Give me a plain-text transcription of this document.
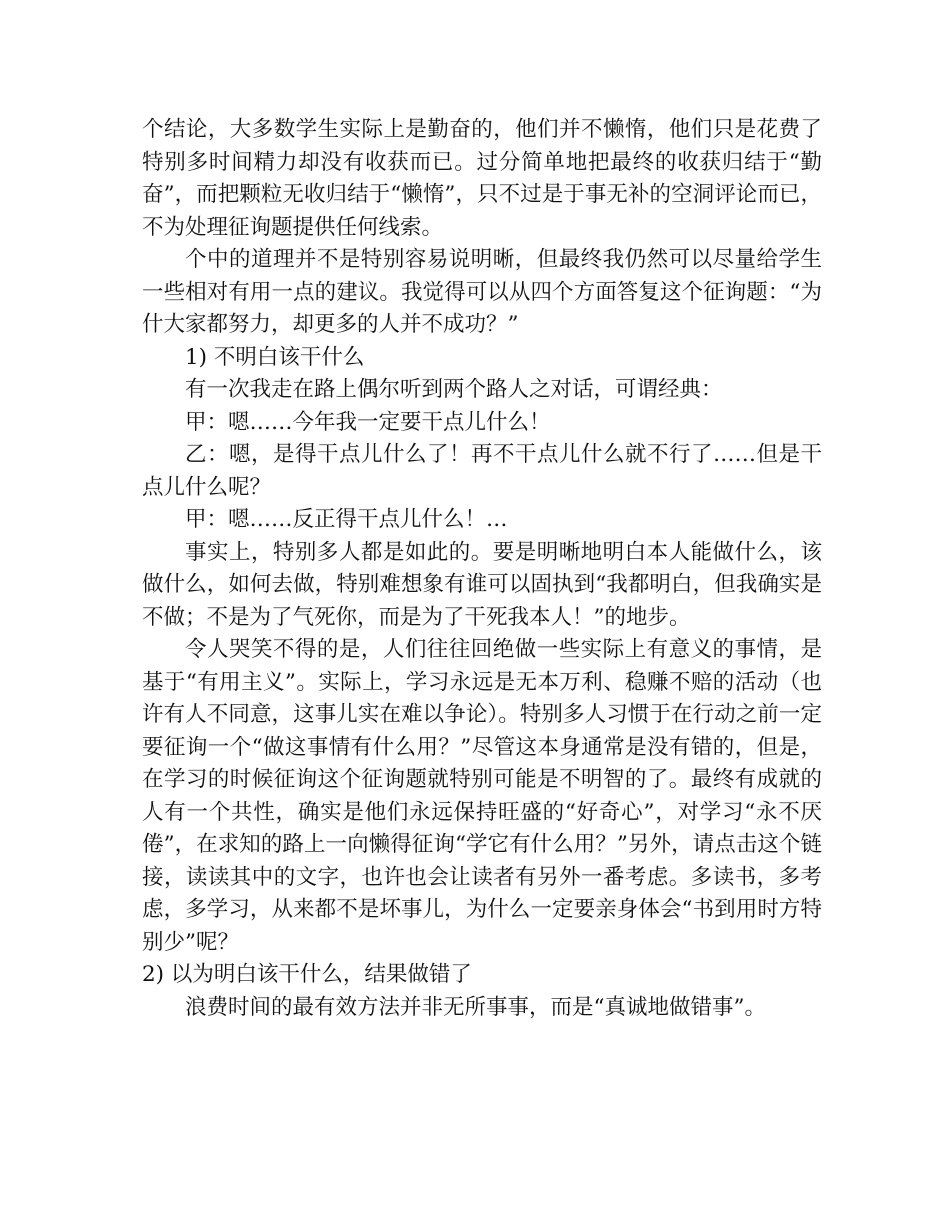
个结论，大多数学生实际上是勤奋的，他们并不懒惰，他们只是花费了特别多时间精力却没有收获而已。过分简单地把最终的收获归结于“勤奋”，而把颗粒无收归结于“懒惰”，只不过是于事无补的空洞评论而已，不为处理征询题提供任何线索。

个中的道理并不是特别容易说明晰，但最终我仍然可以尽量给学生一些相对有用一点的建议。我觉得可以从四个方面答复这个征询题：“为什大家都努力，却更多的人并不成功？”

1) 不明白该干什么

有一次我走在路上偶尔听到两个路人之对话，可谓经典：

甲：嗯……今年我一定要干点儿什么！

乙：嗯，是得干点儿什么了！再不干点儿什么就不行了……但是干点儿什么呢？

甲：嗯……反正得干点儿什么！…

事实上，特别多人都是如此的。要是明晰地明白本人能做什么，该做什么，如何去做，特别难想象有谁可以固执到“我都明白，但我确实是不做；不是为了气死你，而是为了干死我本人！”的地步。

令人哭笑不得的是，人们往往回绝做一些实际上有意义的事情，是基于“有用主义”。实际上，学习永远是无本万利、稳赚不赔的活动（也许有人不同意，这事儿实在难以争论）。特别多人习惯于在行动之前一定要征询一个“做这事情有什么用？”尽管这本身通常是没有错的，但是，在学习的时候征询这个征询题就特别可能是不明智的了。最终有成就的人有一个共性，确实是他们永远保持旺盛的“好奇心”，对学习“永不厌倦”，在求知的路上一向懒得征询“学它有什么用？”另外，请点击这个链接，读读其中的文字，也许也会让读者有另外一番考虑。多读书，多考虑，多学习，从来都不是坏事儿，为什么一定要亲身体会“书到用时方特别少”呢？

2) 以为明白该干什么，结果做错了

浪费时间的最有效方法并非无所事事，而是“真诚地做错事”。
